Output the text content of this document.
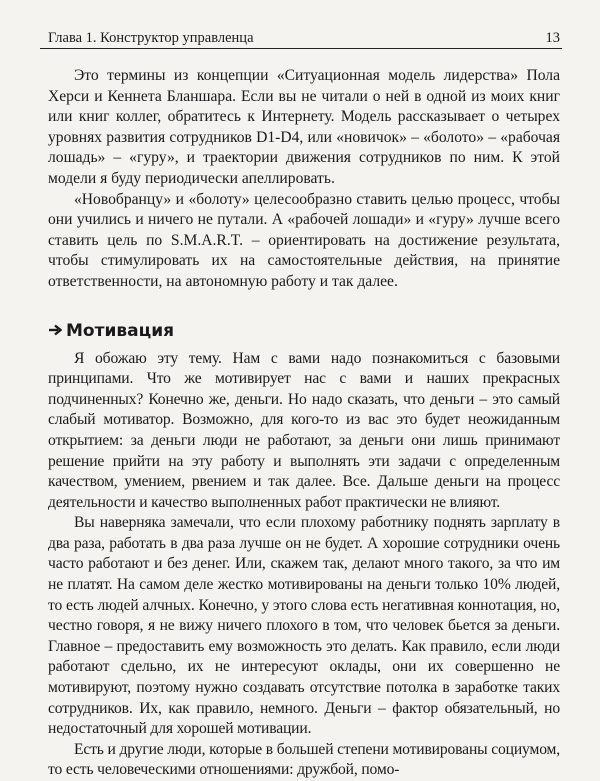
Глава 1. Конструктор управленца	13

Это термины из концепции «Ситуационная модель лидерства» Пола Херси и Кеннета Бланшара. Если вы не читали о ней в одной из моих книг или книг коллег, обратитесь к Интернету. Модель рассказывает о четырех уровнях развития сотрудников D1-D4, или «новичок» – «болото» – «рабочая лошадь» – «гуру», и траектории движения сотрудников по ним. К этой модели я буду периодически апеллировать.

«Новобранцу» и «болоту» целесообразно ставить целью процесс, чтобы они учились и ничего не путали. А «рабочей лошади» и «гуру» лучше всего ставить цель по S.M.A.R.T. – ориентировать на достижение результата, чтобы стимулировать их на самостоятельные действия, на принятие ответственности, на автономную работу и так далее.

Мотивация

Я обожаю эту тему. Нам с вами надо познакомиться с базовыми принципами. Что же мотивирует нас с вами и наших прекрасных подчиненных? Конечно же, деньги. Но надо сказать, что деньги – это самый слабый мотиватор. Возможно, для кого-то из вас это будет неожиданным открытием: за деньги люди не работают, за деньги они лишь принимают решение прийти на эту работу и выполнять эти задачи с определенным качеством, умением, рвением и так далее. Все. Дальше деньги на процесс деятельности и качество выполненных работ практически не влияют.

Вы наверняка замечали, что если плохому работнику поднять зарплату в два раза, работать в два раза лучше он не будет. А хорошие сотрудники очень часто работают и без денег. Или, скажем так, делают много такого, за что им не платят. На самом деле жестко мотивированы на деньги только 10% людей, то есть людей алчных. Конечно, у этого слова есть негативная коннотация, но, честно говоря, я не вижу ничего плохого в том, что человек бьется за деньги. Главное – предоставить ему возможность это делать. Как правило, если люди работают сдельно, их не интересуют оклады, они их совершенно не мотивируют, поэтому нужно создавать отсутствие потолка в заработке таких сотрудников. Их, как правило, немного. Деньги – фактор обязательный, но недостаточный для хорошей мотивации.

Есть и другие люди, которые в большей степени мотивированы социумом, то есть человеческими отношениями: дружбой, помо-
